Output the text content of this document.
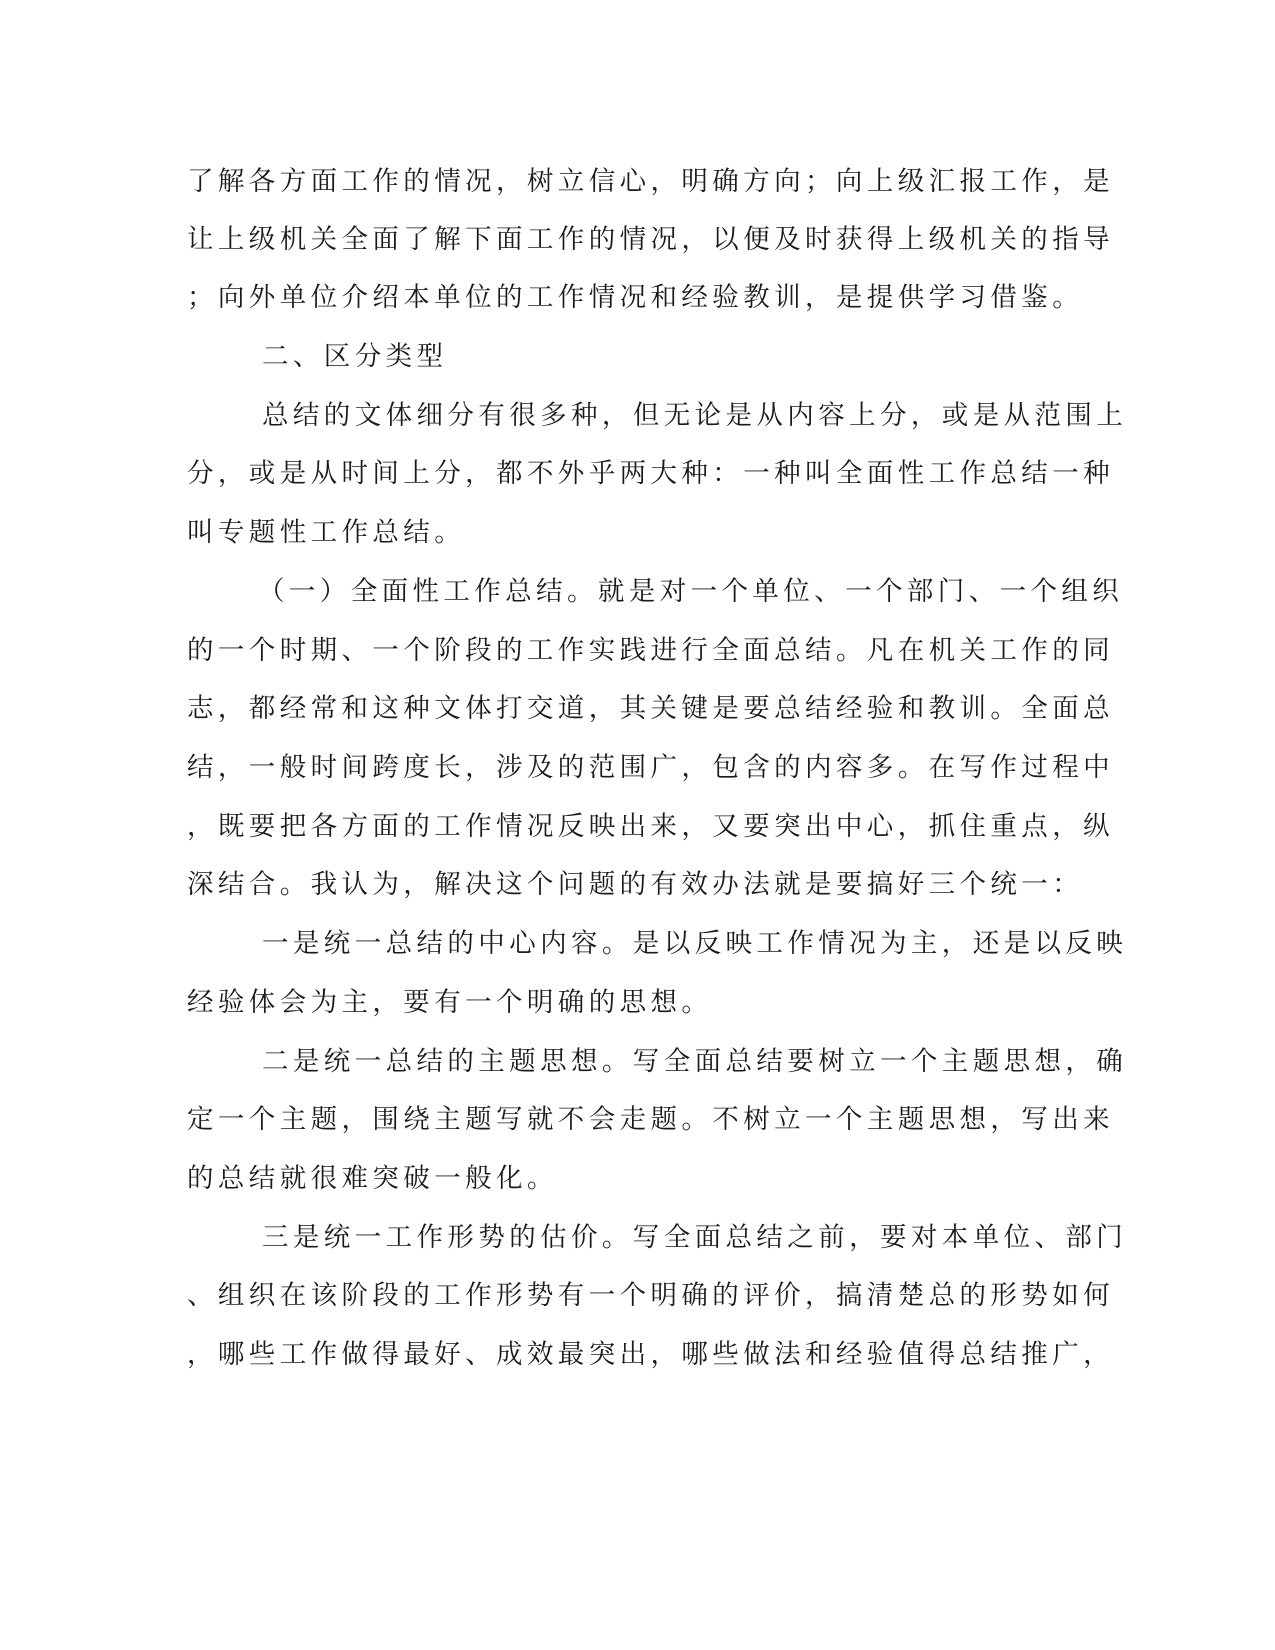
了解各方面工作的情况，树立信心，明确方向；向上级汇报工作，是
让上级机关全面了解下面工作的情况，以便及时获得上级机关的指导
；向外单位介绍本单位的工作情况和经验教训，是提供学习借鉴。
二、区分类型
总结的文体细分有很多种，但无论是从内容上分，或是从范围上
分，或是从时间上分，都不外乎两大种：一种叫全面性工作总结一种
叫专题性工作总结。
（一）全面性工作总结。就是对一个单位、一个部门、一个组织
的一个时期、一个阶段的工作实践进行全面总结。凡在机关工作的同
志，都经常和这种文体打交道，其关键是要总结经验和教训。全面总
结，一般时间跨度长，涉及的范围广，包含的内容多。在写作过程中
，既要把各方面的工作情况反映出来，又要突出中心，抓住重点，纵
深结合。我认为，解决这个问题的有效办法就是要搞好三个统一：
一是统一总结的中心内容。是以反映工作情况为主，还是以反映
经验体会为主，要有一个明确的思想。
二是统一总结的主题思想。写全面总结要树立一个主题思想，确
定一个主题，围绕主题写就不会走题。不树立一个主题思想，写出来
的总结就很难突破一般化。
三是统一工作形势的估价。写全面总结之前，要对本单位、部门
、组织在该阶段的工作形势有一个明确的评价，搞清楚总的形势如何
，哪些工作做得最好、成效最突出，哪些做法和经验值得总结推广，
